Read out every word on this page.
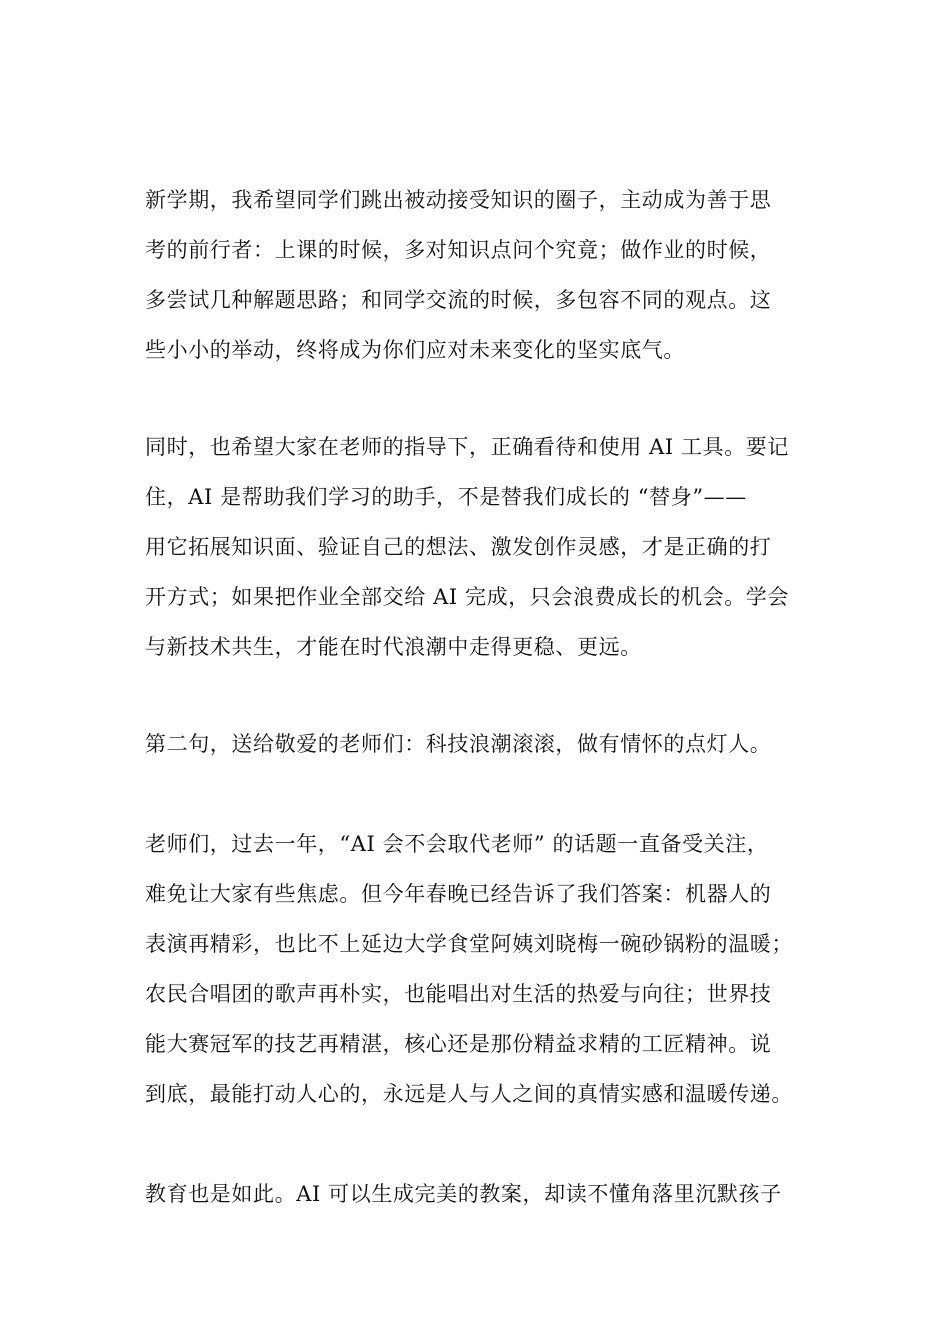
新学期，我希望同学们跳出被动接受知识的圈子，主动成为善于思

考的前行者：上课的时候，多对知识点问个究竟；做作业的时候，

多尝试几种解题思路；和同学交流的时候，多包容不同的观点。这

些小小的举动，终将成为你们应对未来变化的坚实底气。

同时，也希望大家在老师的指导下，正确看待和使用 AI 工具。要记

住，AI 是帮助我们学习的助手，不是替我们成长的 “替身”——

用它拓展知识面、验证自己的想法、激发创作灵感，才是正确的打

开方式；如果把作业全部交给 AI 完成，只会浪费成长的机会。学会

与新技术共生，才能在时代浪潮中走得更稳、更远。

第二句，送给敬爱的老师们：科技浪潮滚滚，做有情怀的点灯人。

老师们，过去一年，“AI 会不会取代老师” 的话题一直备受关注，

难免让大家有些焦虑。但今年春晚已经告诉了我们答案：机器人的

表演再精彩，也比不上延边大学食堂阿姨刘晓梅一碗砂锅粉的温暖；

农民合唱团的歌声再朴实，也能唱出对生活的热爱与向往；世界技

能大赛冠军的技艺再精湛，核心还是那份精益求精的工匠精神。说

到底，最能打动人心的，永远是人与人之间的真情实感和温暖传递。

教育也是如此。AI 可以生成完美的教案，却读不懂角落里沉默孩子
